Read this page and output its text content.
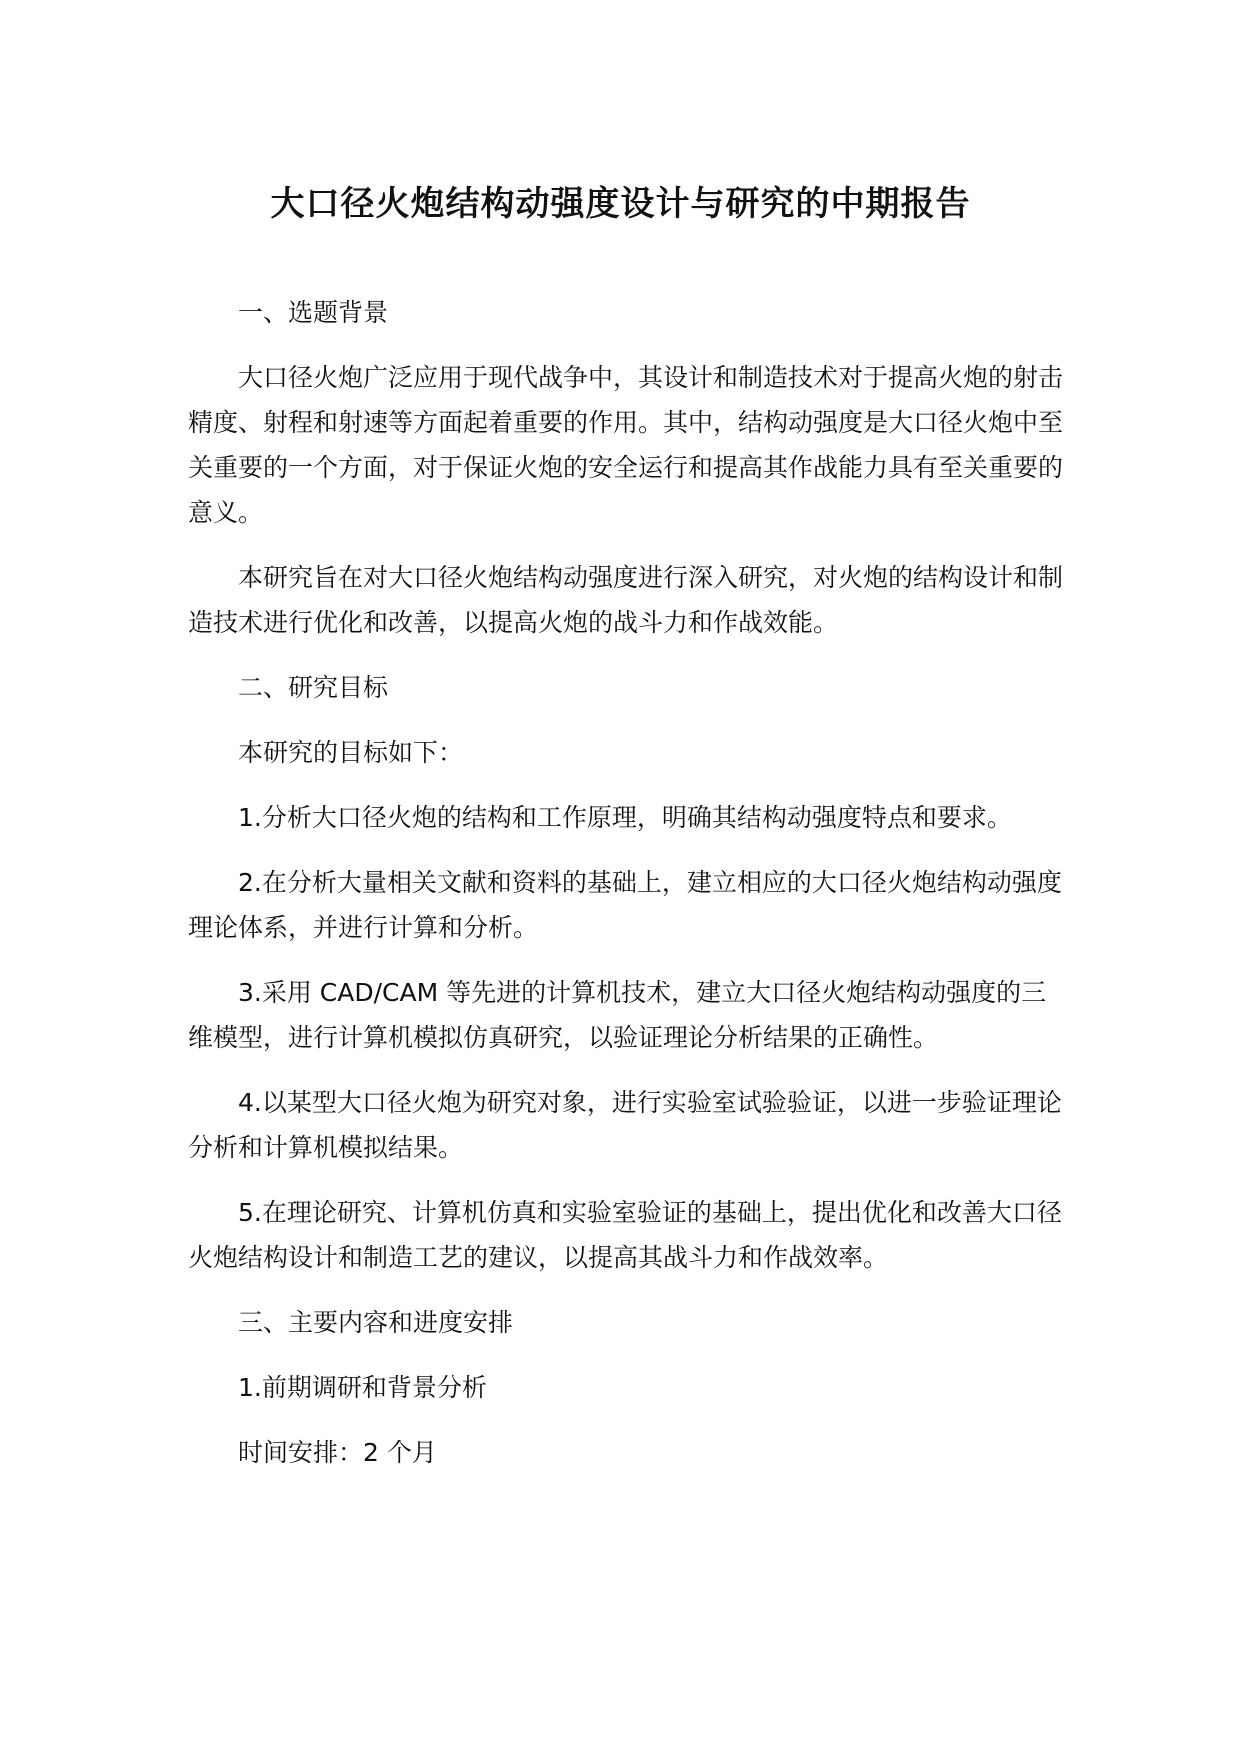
大口径火炮结构动强度设计与研究的中期报告

一、选题背景

大口径火炮广泛应用于现代战争中，其设计和制造技术对于提高火炮的射击精度、射程和射速等方面起着重要的作用。其中，结构动强度是大口径火炮中至关重要的一个方面，对于保证火炮的安全运行和提高其作战能力具有至关重要的意义。

本研究旨在对大口径火炮结构动强度进行深入研究，对火炮的结构设计和制造技术进行优化和改善，以提高火炮的战斗力和作战效能。

二、研究目标

本研究的目标如下：

1.分析大口径火炮的结构和工作原理，明确其结构动强度特点和要求。

2.在分析大量相关文献和资料的基础上，建立相应的大口径火炮结构动强度理论体系，并进行计算和分析。

3.采用 CAD/CAM 等先进的计算机技术，建立大口径火炮结构动强度的三维模型，进行计算机模拟仿真研究，以验证理论分析结果的正确性。

4.以某型大口径火炮为研究对象，进行实验室试验验证，以进一步验证理论分析和计算机模拟结果。

5.在理论研究、计算机仿真和实验室验证的基础上，提出优化和改善大口径火炮结构设计和制造工艺的建议，以提高其战斗力和作战效率。

三、主要内容和进度安排

1.前期调研和背景分析

时间安排：2 个月
